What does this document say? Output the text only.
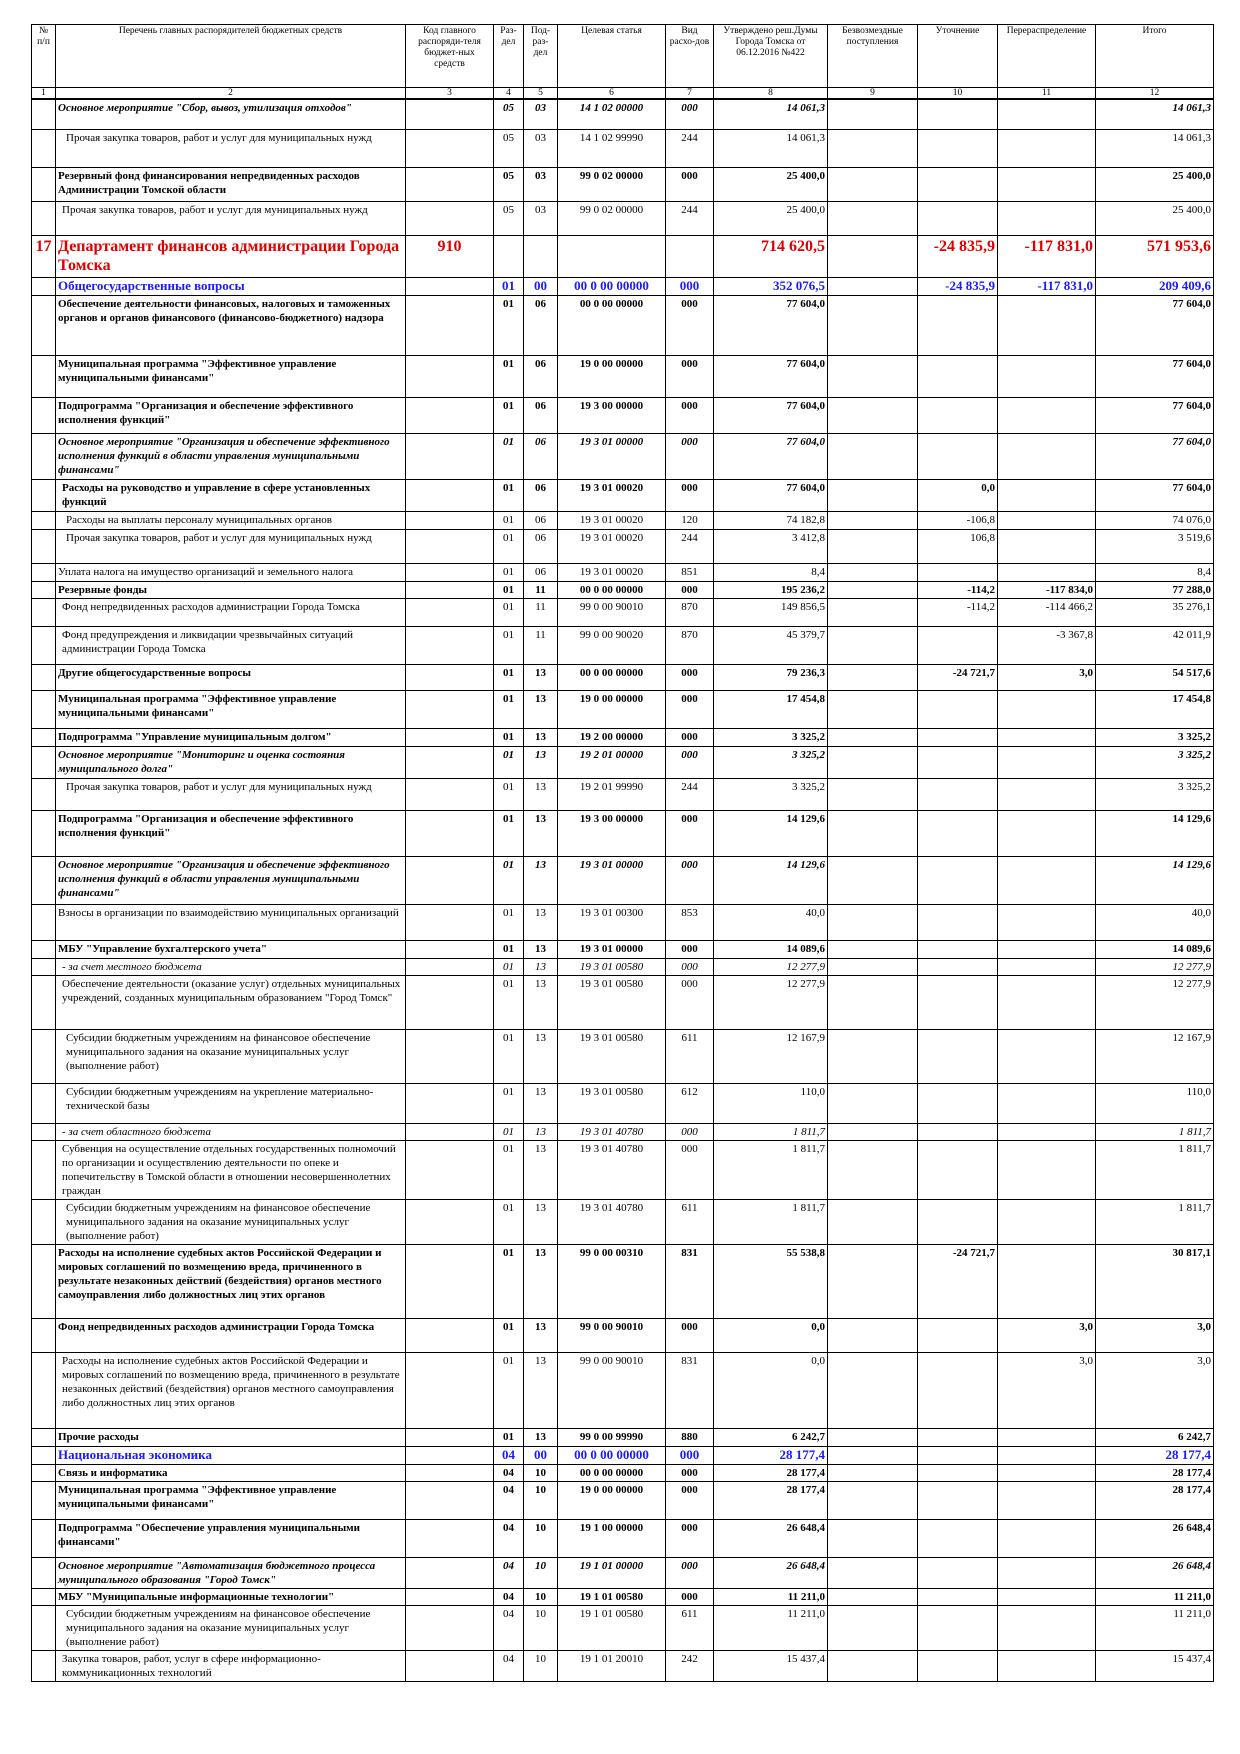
№ п/п	Перечень главных распорядителей бюджетных средств	Код главного распоряди-теля бюджет-ных средств	Раз-дел	Под-раз-дел	Целевая статья	Вид расхо-дов	Утверждено реш.Думы Города Томска от 06.12.2016 №422	Безвозмездные поступления	Уточнение	Перераспределение	Итого
1	2	3	4	5	6	7	8	9	10	11	12
	Основное мероприятие "Сбор, вывоз, утилизация отходов"		05	03	14 1 02 00000	000	14 061,3				14 061,3
	Прочая закупка товаров, работ и услуг для муниципальных нужд		05	03	14 1 02 99990	244	14 061,3				14 061,3
	Резервный фонд финансирования непредвиденных расходов Администрации Томской области		05	03	99 0 02 00000	000	25 400,0				25 400,0
	Прочая закупка товаров, работ и услуг для муниципальных нужд		05	03	99 0 02 00000	244	25 400,0				25 400,0
17	Департамент финансов администрации Города Томска	910					714 620,5		-24 835,9	-117 831,0	571 953,6
	Общегосударственные вопросы		01	00	00 0 00 00000	000	352 076,5		-24 835,9	-117 831,0	209 409,6
	Обеспечение деятельности финансовых, налоговых и таможенных органов и органов финансового (финансово-бюджетного) надзора		01	06	00 0 00 00000	000	77 604,0				77 604,0
	Муниципальная программа "Эффективное управление муниципальными финансами"		01	06	19 0 00 00000	000	77 604,0				77 604,0
	Подпрограмма "Организация и обеспечение эффективного исполнения функций"		01	06	19 3 00 00000	000	77 604,0				77 604,0
	Основное мероприятие "Организация и обеспечение эффективного исполнения функций в области управления муниципальными финансами"		01	06	19 3 01 00000	000	77 604,0				77 604,0
	Расходы на руководство и управление в сфере установленных функций		01	06	19 3 01 00020	000	77 604,0		0,0		77 604,0
	Расходы на выплаты персоналу муниципальных органов		01	06	19 3 01 00020	120	74 182,8		-106,8		74 076,0
	Прочая закупка товаров, работ и услуг для муниципальных нужд		01	06	19 3 01 00020	244	3 412,8		106,8		3 519,6
	Уплата налога на имущество организаций и земельного налога		01	06	19 3 01 00020	851	8,4				8,4
	Резервные фонды		01	11	00 0 00 00000	000	195 236,2		-114,2	-117 834,0	77 288,0
	Фонд непредвиденных расходов администрации Города Томска		01	11	99 0 00 90010	870	149 856,5		-114,2	-114 466,2	35 276,1
	Фонд предупреждения и ликвидации чрезвычайных ситуаций администрации Города Томска		01	11	99 0 00 90020	870	45 379,7			-3 367,8	42 011,9
	Другие общегосударственные вопросы		01	13	00 0 00 00000	000	79 236,3		-24 721,7	3,0	54 517,6
	Муниципальная программа "Эффективное управление муниципальными финансами"		01	13	19 0 00 00000	000	17 454,8				17 454,8
	Подпрограмма "Управление муниципальным долгом"		01	13	19 2 00 00000	000	3 325,2				3 325,2
	Основное мероприятие "Мониторинг и оценка состояния муниципального долга"		01	13	19 2 01 00000	000	3 325,2				3 325,2
	Прочая закупка товаров, работ и услуг для муниципальных нужд		01	13	19 2 01 99990	244	3 325,2				3 325,2
	Подпрограмма "Организация и обеспечение эффективного исполнения функций"		01	13	19 3 00 00000	000	14 129,6				14 129,6
	Основное мероприятие "Организация и обеспечение эффективного исполнения функций в области управления муниципальными финансами"		01	13	19 3 01 00000	000	14 129,6				14 129,6
	Взносы в организации по взаимодействию муниципальных организаций		01	13	19 3 01 00300	853	40,0				40,0
	МБУ "Управление бухгалтерского учета"		01	13	19 3 01 00000	000	14 089,6				14 089,6
	- за счет местного бюджета		01	13	19 3 01 00580	000	12 277,9				12 277,9
	Обеспечение деятельности (оказание услуг) отдельных муниципальных учреждений, созданных муниципальным образованием "Город Томск"		01	13	19 3 01 00580	000	12 277,9				12 277,9
	Субсидии бюджетным учреждениям на финансовое обеспечение муниципального задания на оказание муниципальных услуг (выполнение работ)		01	13	19 3 01 00580	611	12 167,9				12 167,9
	Субсидии бюджетным учреждениям на укрепление материально-технической базы		01	13	19 3 01 00580	612	110,0				110,0
	- за счет областного бюджета		01	13	19 3 01 40780	000	1 811,7				1 811,7
	Субвенция на осуществление отдельных государственных полномочий по организации и осуществлению деятельности по опеке и попечительству в Томской области в отношении несовершеннолетних граждан		01	13	19 3 01 40780	000	1 811,7				1 811,7
	Субсидии бюджетным учреждениям на финансовое обеспечение муниципального задания на оказание муниципальных услуг (выполнение работ)		01	13	19 3 01 40780	611	1 811,7				1 811,7
	Расходы на исполнение судебных актов Российской Федерации и мировых соглашений по возмещению вреда, причиненного в результате незаконных действий (бездействия) органов местного самоуправления либо должностных лиц этих органов		01	13	99 0 00 00310	831	55 538,8		-24 721,7		30 817,1
	Фонд непредвиденных расходов администрации Города Томска		01	13	99 0 00 90010	000	0,0			3,0	3,0
	Расходы на исполнение судебных актов Российской Федерации и мировых соглашений по возмещению вреда, причиненного в результате незаконных действий (бездействия) органов местного самоуправления либо должностных лиц этих органов		01	13	99 0 00 90010	831	0,0			3,0	3,0
	Прочие расходы		01	13	99 0 00 99990	880	6 242,7				6 242,7
	Национальная экономика		04	00	00 0 00 00000	000	28 177,4				28 177,4
	Связь и информатика		04	10	00 0 00 00000	000	28 177,4				28 177,4
	Муниципальная программа "Эффективное управление муниципальными финансами"		04	10	19 0 00 00000	000	28 177,4				28 177,4
	Подпрограмма "Обеспечение управления муниципальными финансами"		04	10	19 1 00 00000	000	26 648,4				26 648,4
	Основное мероприятие "Автоматизация бюджетного процесса муниципального образования "Город Томск"		04	10	19 1 01 00000	000	26 648,4				26 648,4
	МБУ "Муниципальные информационные технологии"		04	10	19 1 01 00580	000	11 211,0				11 211,0
	Субсидии бюджетным учреждениям на финансовое обеспечение муниципального задания на оказание муниципальных услуг (выполнение работ)		04	10	19 1 01 00580	611	11 211,0				11 211,0
	Закупка товаров, работ, услуг в сфере информационно-коммуникационных технологий		04	10	19 1 01 20010	242	15 437,4				15 437,4
